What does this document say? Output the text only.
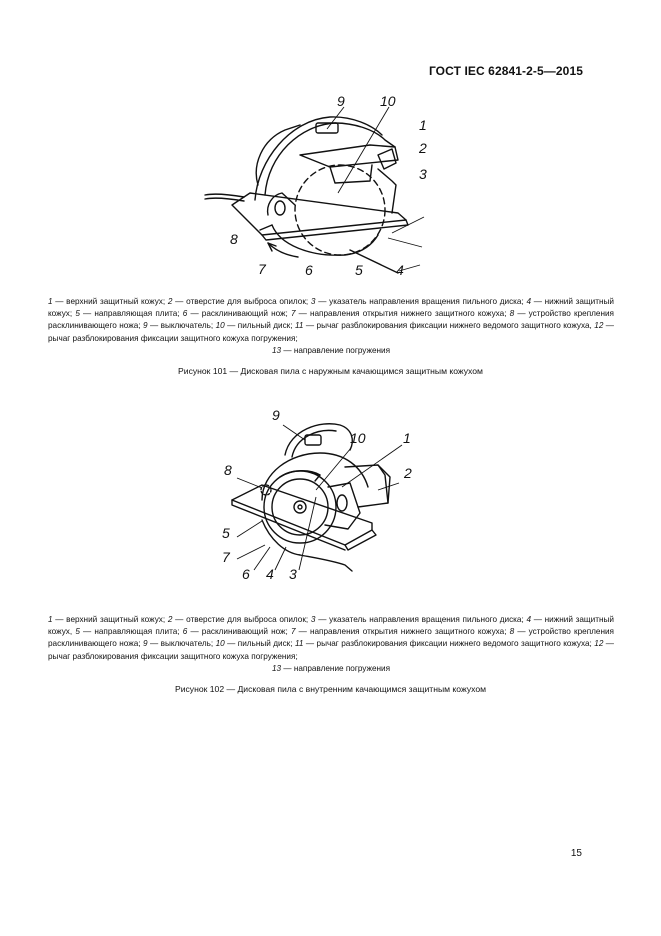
ГОСТ IEC 62841-2-5—2015
9	10
1
2
3
8
7	6	5 4
1 — верхний защитный кожух; 2 — отверстие для выброса опилок; 3 — указатель направления вращения пильного диска; 4 — нижний защитный кожух; 5 — направляющая плита; 6 — расклинивающий нож; 7 — направления открытия нижнего защитного кожуха; 8 — устройство крепления расклинивающего ножа; 9 — выключатель; 10 — пильный диск; 11 — рычаг разблокирования фиксации нижнего ведомого защитного кожуха, 12 — рычаг разблокирования фиксации защитного кожуха погружения;
13 — направление погружения
Рисунок 101 — Дисковая пила с наружным качающимся защитным кожухом
9
10	1
8	2
5
7
6 4 3
1 — верхний защитный кожух; 2 — отверстие для выброса опилок; 3 — указатель направления вращения пильного диска; 4 — нижний защитный кожух, 5 — направляющая плита; 6 — расклинивающий нож; 7 — направления открытия нижнего защитного кожуха; 8 — устройство крепления расклинивающего ножа; 9 — выключатель; 10 — пильный диск; 11 — рычаг разблокирования фиксации нижнего ведомого защитного кожуха; 12 — рычаг разблокирования фиксации защитного кожуха погружения;
13 — направление погружения
Рисунок 102 — Дисковая пила с внутренним качающимся защитным кожухом
15
